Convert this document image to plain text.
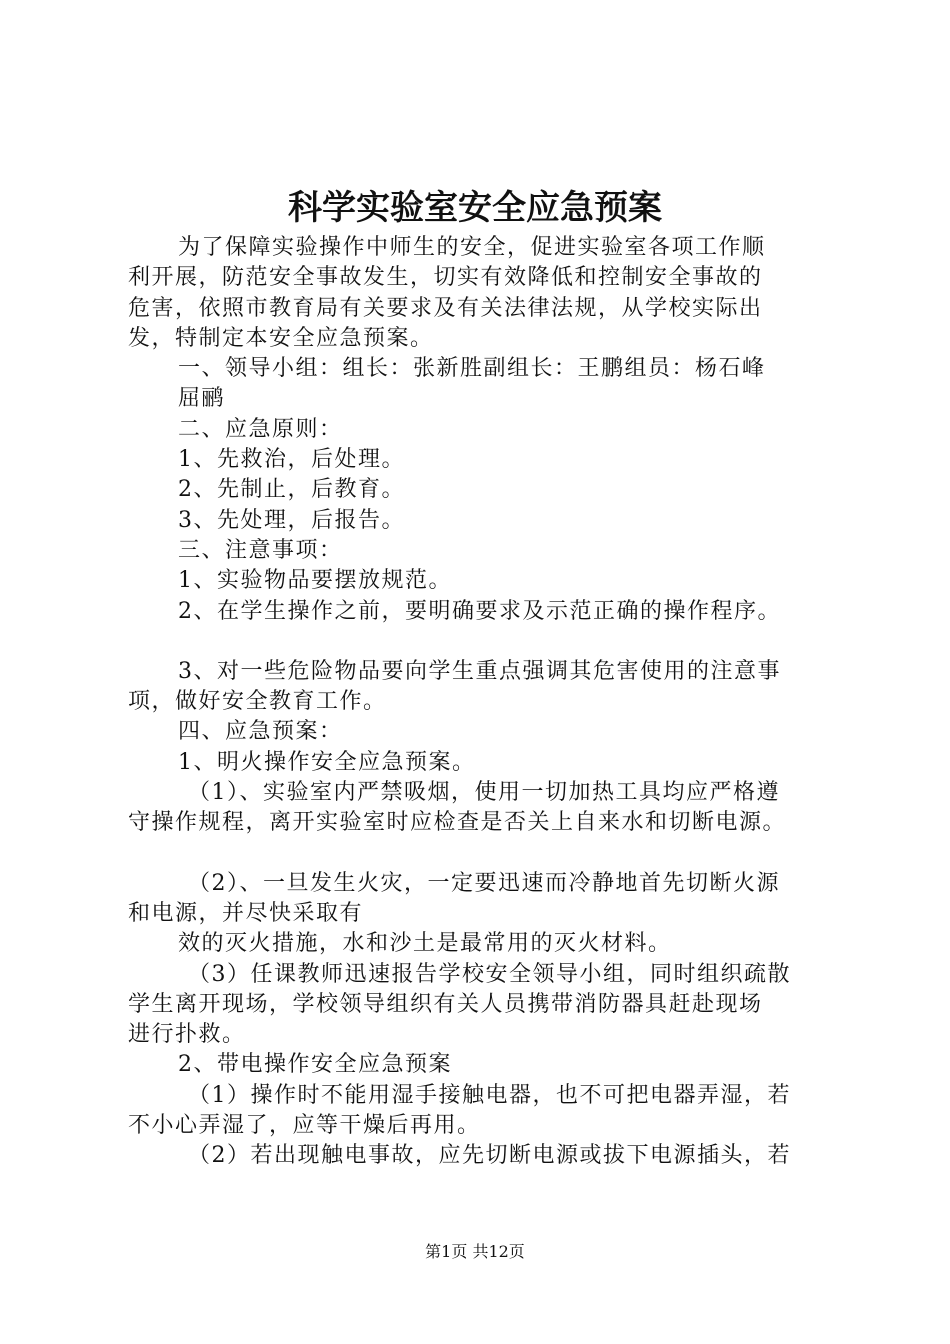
科学实验室安全应急预案

为了保障实验操作中师生的安全，促进实验室各项工作顺

利开展，防范安全事故发生，切实有效降低和控制安全事故的

危害，依照市教育局有关要求及有关法律法规，从学校实际出

发，特制定本安全应急预案。

一、领导小组：组长：张新胜副组长：王鹏组员：杨石峰

屈鹂

二、应急原则：

1、先救治，后处理。

2、先制止，后教育。

3、先处理，后报告。

三、注意事项：

1、实验物品要摆放规范。

2、在学生操作之前，要明确要求及示范正确的操作程序。

3、对一些危险物品要向学生重点强调其危害使用的注意事

项，做好安全教育工作。

四、应急预案：

1、明火操作安全应急预案。

（1）、实验室内严禁吸烟，使用一切加热工具均应严格遵

守操作规程，离开实验室时应检查是否关上自来水和切断电源。

（2）、一旦发生火灾，一定要迅速而冷静地首先切断火源

和电源，并尽快采取有

效的灭火措施，水和沙土是最常用的灭火材料。

（3）任课教师迅速报告学校安全领导小组，同时组织疏散

学生离开现场，学校领导组织有关人员携带消防器具赶赴现场

进行扑救。

2、带电操作安全应急预案

（1）操作时不能用湿手接触电器，也不可把电器弄湿，若

不小心弄湿了，应等干燥后再用。

（2）若出现触电事故，应先切断电源或拔下电源插头，若

第1页 共12页
